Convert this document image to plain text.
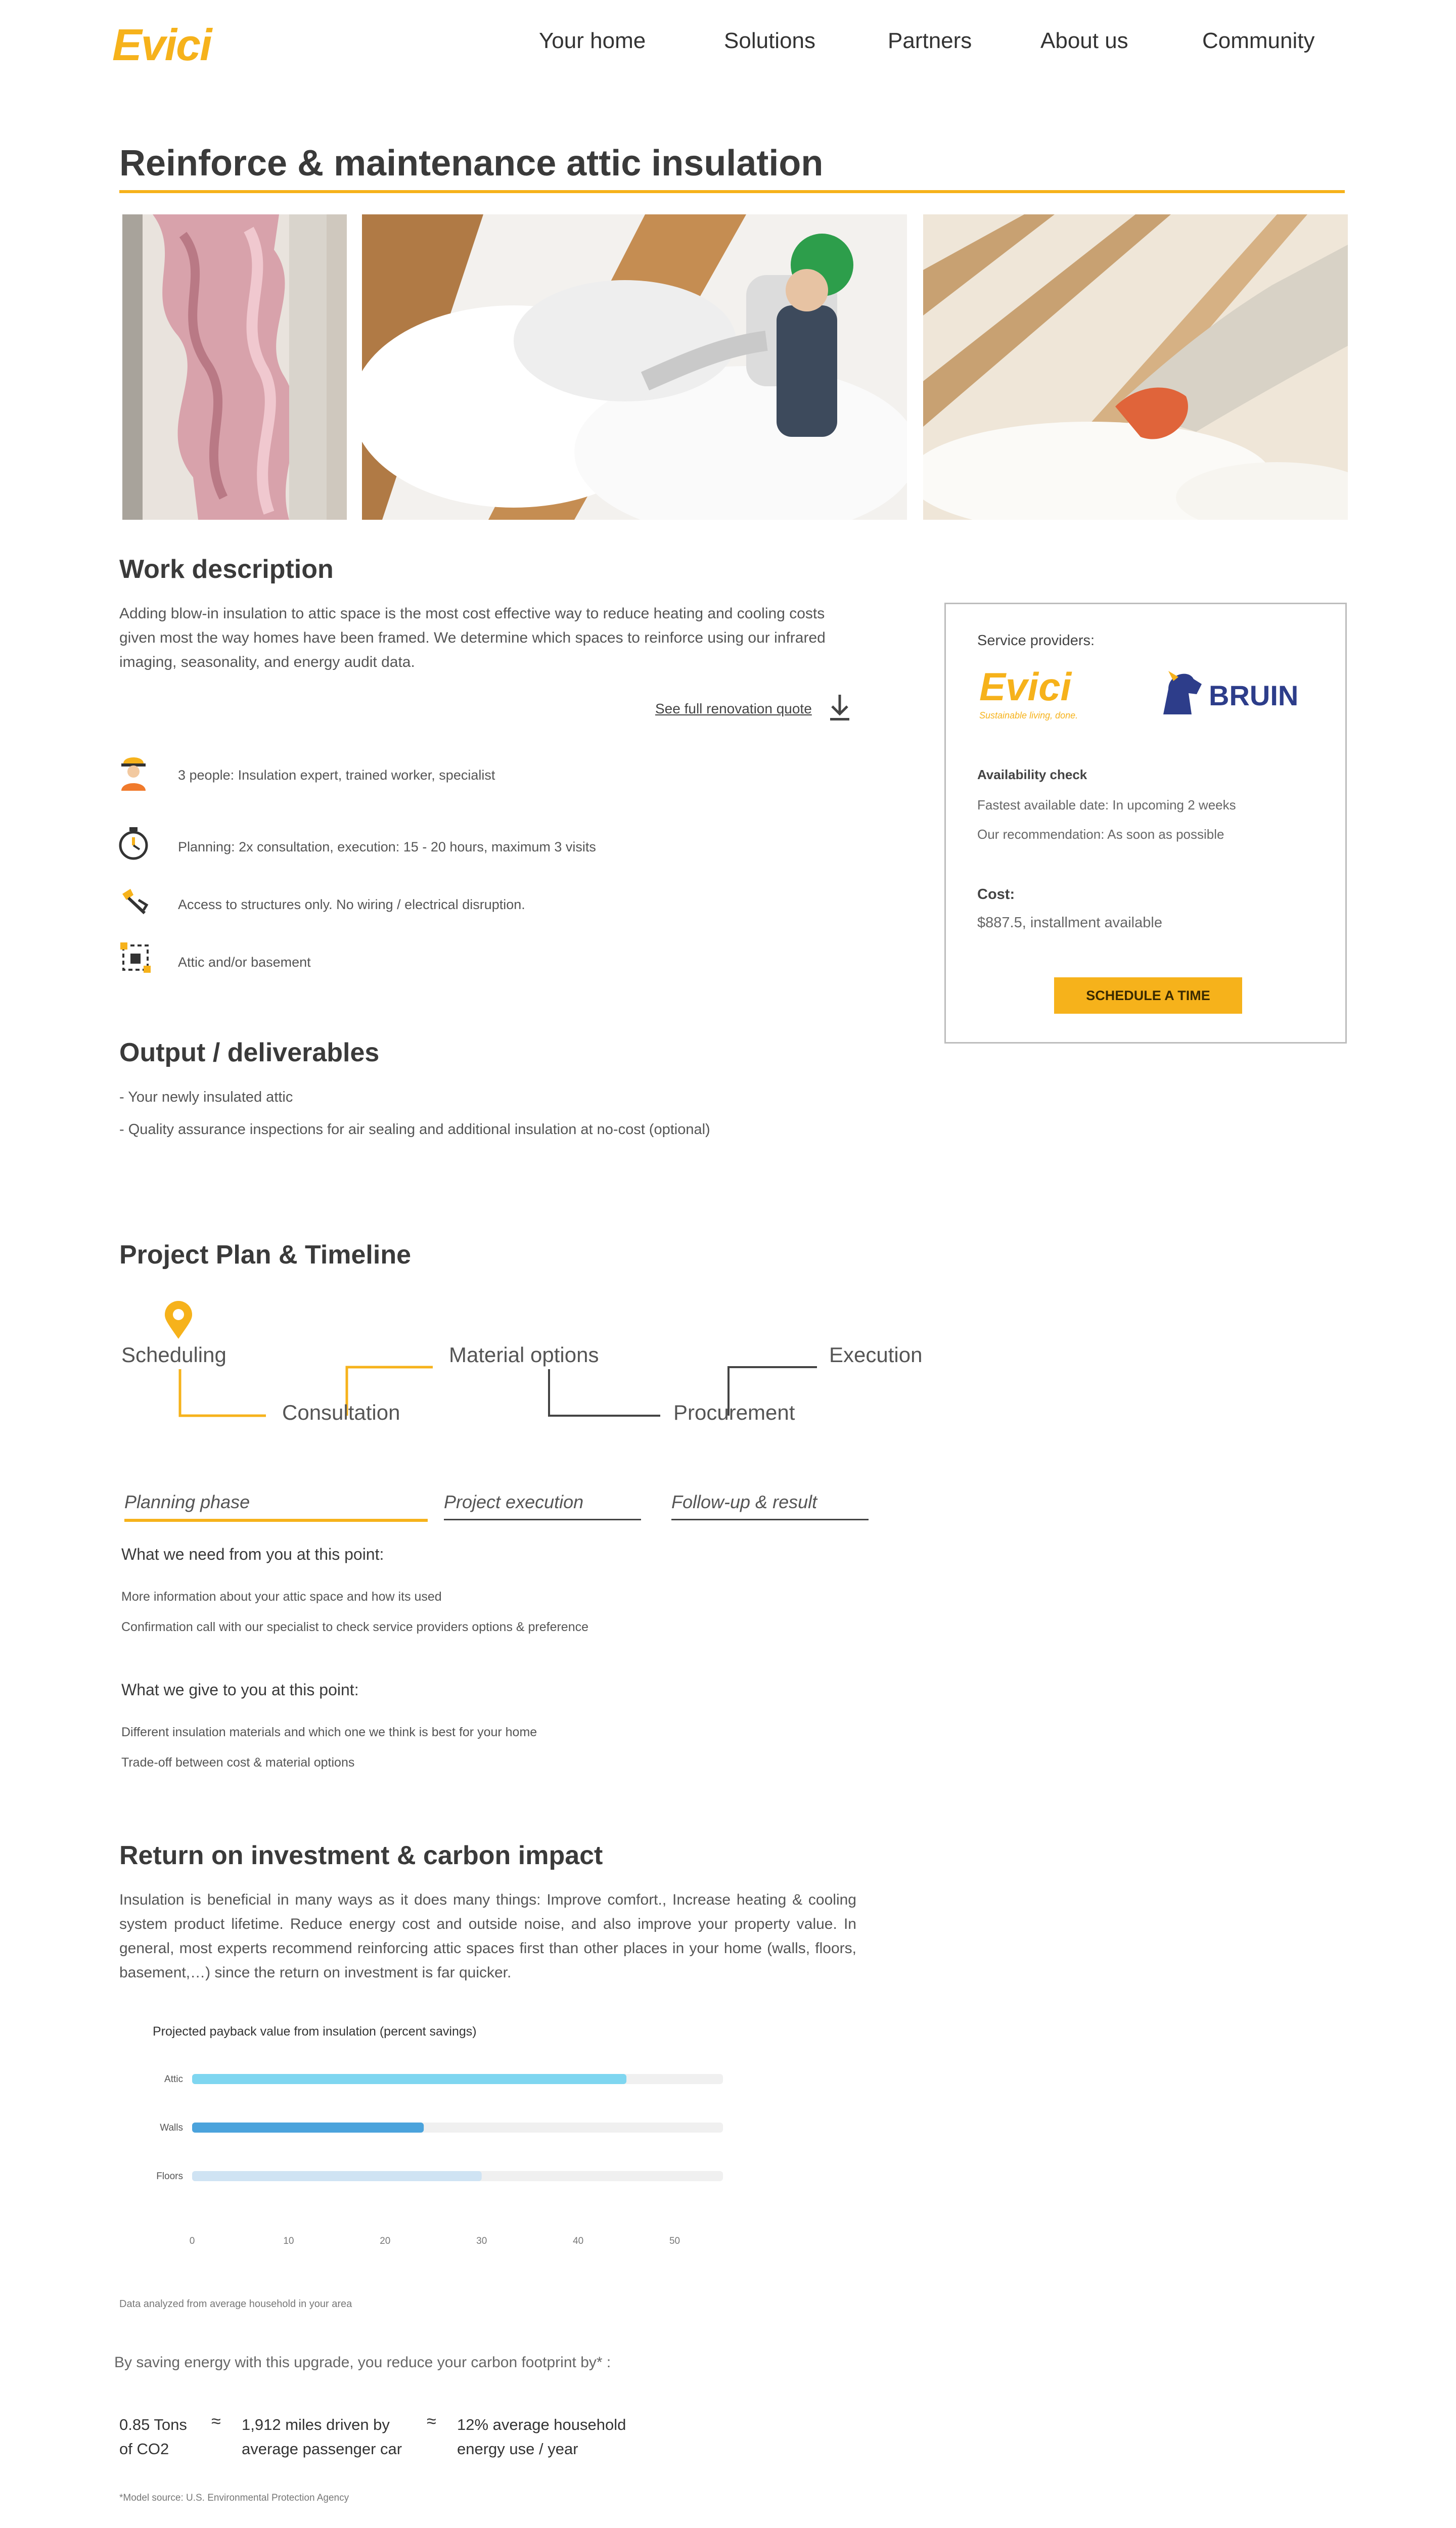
Evici	Your home	Solutions	Partners	About us	Community
Reinforce & maintenance attic insulation
Work description
Adding blow-in insulation to attic space is the most cost effective way to reduce heating and cooling costs given most the way homes have been framed. We determine which spaces to reinforce using our infrared imaging, seasonality, and energy audit data.
See full renovation quote
3 people: Insulation expert, trained worker, specialist
Planning: 2x consultation, execution: 15 - 20 hours, maximum 3 visits
Access to structures only. No wiring / electrical disruption.
Attic and/or basement
Service providers:
Evici
Sustainable living, done.
BRUIN
Availability check
Fastest available date: In upcoming 2 weeks
Our recommendation: As soon as possible
Cost:
$887.5, installment available
SCHEDULE A TIME
Output / deliverables
- Your newly insulated attic
- Quality assurance inspections for air sealing and additional insulation at no-cost (optional)
Project Plan & Timeline
Scheduling
Consultation
Material options
Procurement
Execution
Planning phase	Project execution	Follow-up & result
What we need from you at this point:
More information about your attic space and how its used
Confirmation call with our specialist to check service providers options & preference
What we give to you at this point:
Different insulation materials and which one we think is best for your home
Trade-off between cost & material options
Return on investment & carbon impact
Insulation is beneficial in many ways as it does many things: Improve comfort., Increase heating & cooling system product lifetime. Reduce energy cost and outside noise, and also improve your property value. In general, most experts recommend reinforcing attic spaces first than other places in your home (walls, floors, basement,…) since the return on investment is far quicker.
Projected payback value from insulation (percent savings)
Attic
Walls
Floors
0	10	20	30	40	50
Data analyzed from average household in your area
By saving energy with this upgrade, you reduce your carbon footprint by* :
0.85 Tons
of CO2
≈ 1,912 miles driven by
average passenger car
≈ 12% average household
energy use / year
*Model source: U.S. Environmental Protection Agency
